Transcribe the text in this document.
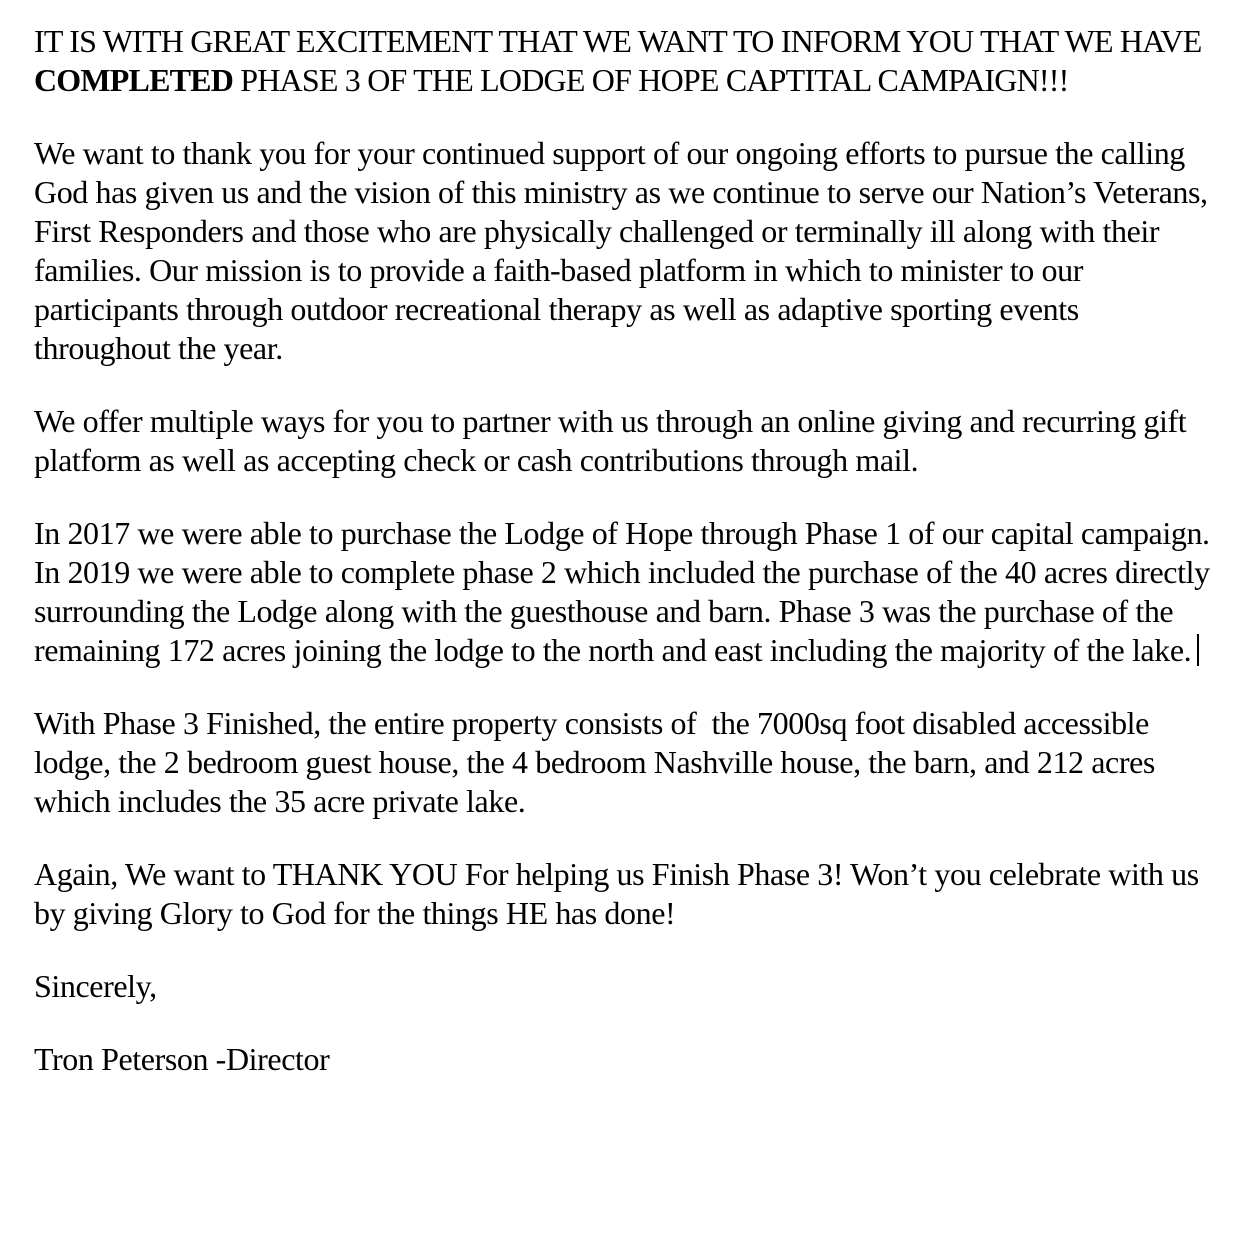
IT IS WITH GREAT EXCITEMENT THAT WE WANT TO INFORM YOU THAT WE HAVE COMPLETED PHASE 3 OF THE LODGE OF HOPE CAPTITAL CAMPAIGN!!!

We want to thank you for your continued support of our ongoing efforts to pursue the calling God has given us and the vision of this ministry as we continue to serve our Nation’s Veterans, First Responders and those who are physically challenged or terminally ill along with their families. Our mission is to provide a faith-based platform in which to minister to our participants through outdoor recreational therapy as well as adaptive sporting events throughout the year.

We offer multiple ways for you to partner with us through an online giving and recurring gift platform as well as accepting check or cash contributions through mail.

In 2017 we were able to purchase the Lodge of Hope through Phase 1 of our capital campaign. In 2019 we were able to complete phase 2 which included the purchase of the 40 acres directly surrounding the Lodge along with the guesthouse and barn. Phase 3 was the purchase of the remaining 172 acres joining the lodge to the north and east including the majority of the lake.

With Phase 3 Finished, the entire property consists of  the 7000sq foot disabled accessible lodge, the 2 bedroom guest house, the 4 bedroom Nashville house, the barn, and 212 acres which includes the 35 acre private lake.

Again, We want to THANK YOU For helping us Finish Phase 3! Won’t you celebrate with us by giving Glory to God for the things HE has done!

Sincerely,

Tron Peterson -Director
